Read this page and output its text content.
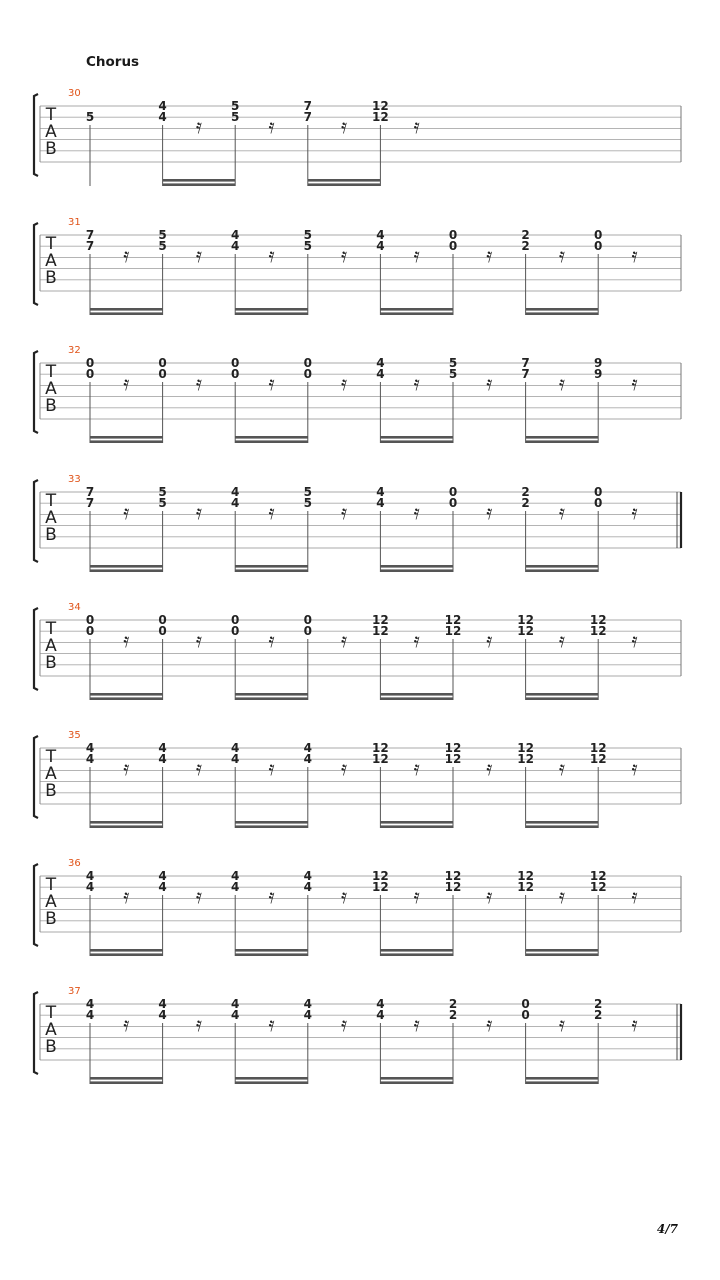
Chorus
T
A
B
30
5
4
4 𝄿
5
5 𝄿
7
7 𝄿
12
12 𝄿
T
A
B
31
7
7 𝄿
5
5 𝄿
4
4 𝄿
5
5 𝄿
4
4 𝄿
0
0 𝄿
2
2 𝄿
0
0 𝄿
T
A
B
32
0
0 𝄿
0
0 𝄿
0
0 𝄿
0
0 𝄿
4
4 𝄿
5
5 𝄿
7
7 𝄿
9
9 𝄿
T
A
B
33
7
7 𝄿
5
5 𝄿
4
4 𝄿
5
5 𝄿
4
4 𝄿
0
0 𝄿
2
2 𝄿
0
0 𝄿
T
A
B
34
0
0 𝄿
0
0 𝄿
0
0 𝄿
0
0 𝄿
12
12 𝄿
12
12 𝄿
12
12 𝄿
12
12 𝄿
T
A
B
35
4
4 𝄿
4
4 𝄿
4
4 𝄿
4
4 𝄿
12
12 𝄿
12
12 𝄿
12
12 𝄿
12
12 𝄿
T
A
B
36
4
4 𝄿
4
4 𝄿
4
4 𝄿
4
4 𝄿
12
12 𝄿
12
12 𝄿
12
12 𝄿
12
12 𝄿
T
A
B
37
4
4 𝄿
4
4 𝄿
4
4 𝄿
4
4 𝄿
4
4 𝄿
2
2 𝄿
0
0 𝄿
2
2 𝄿
4/7
